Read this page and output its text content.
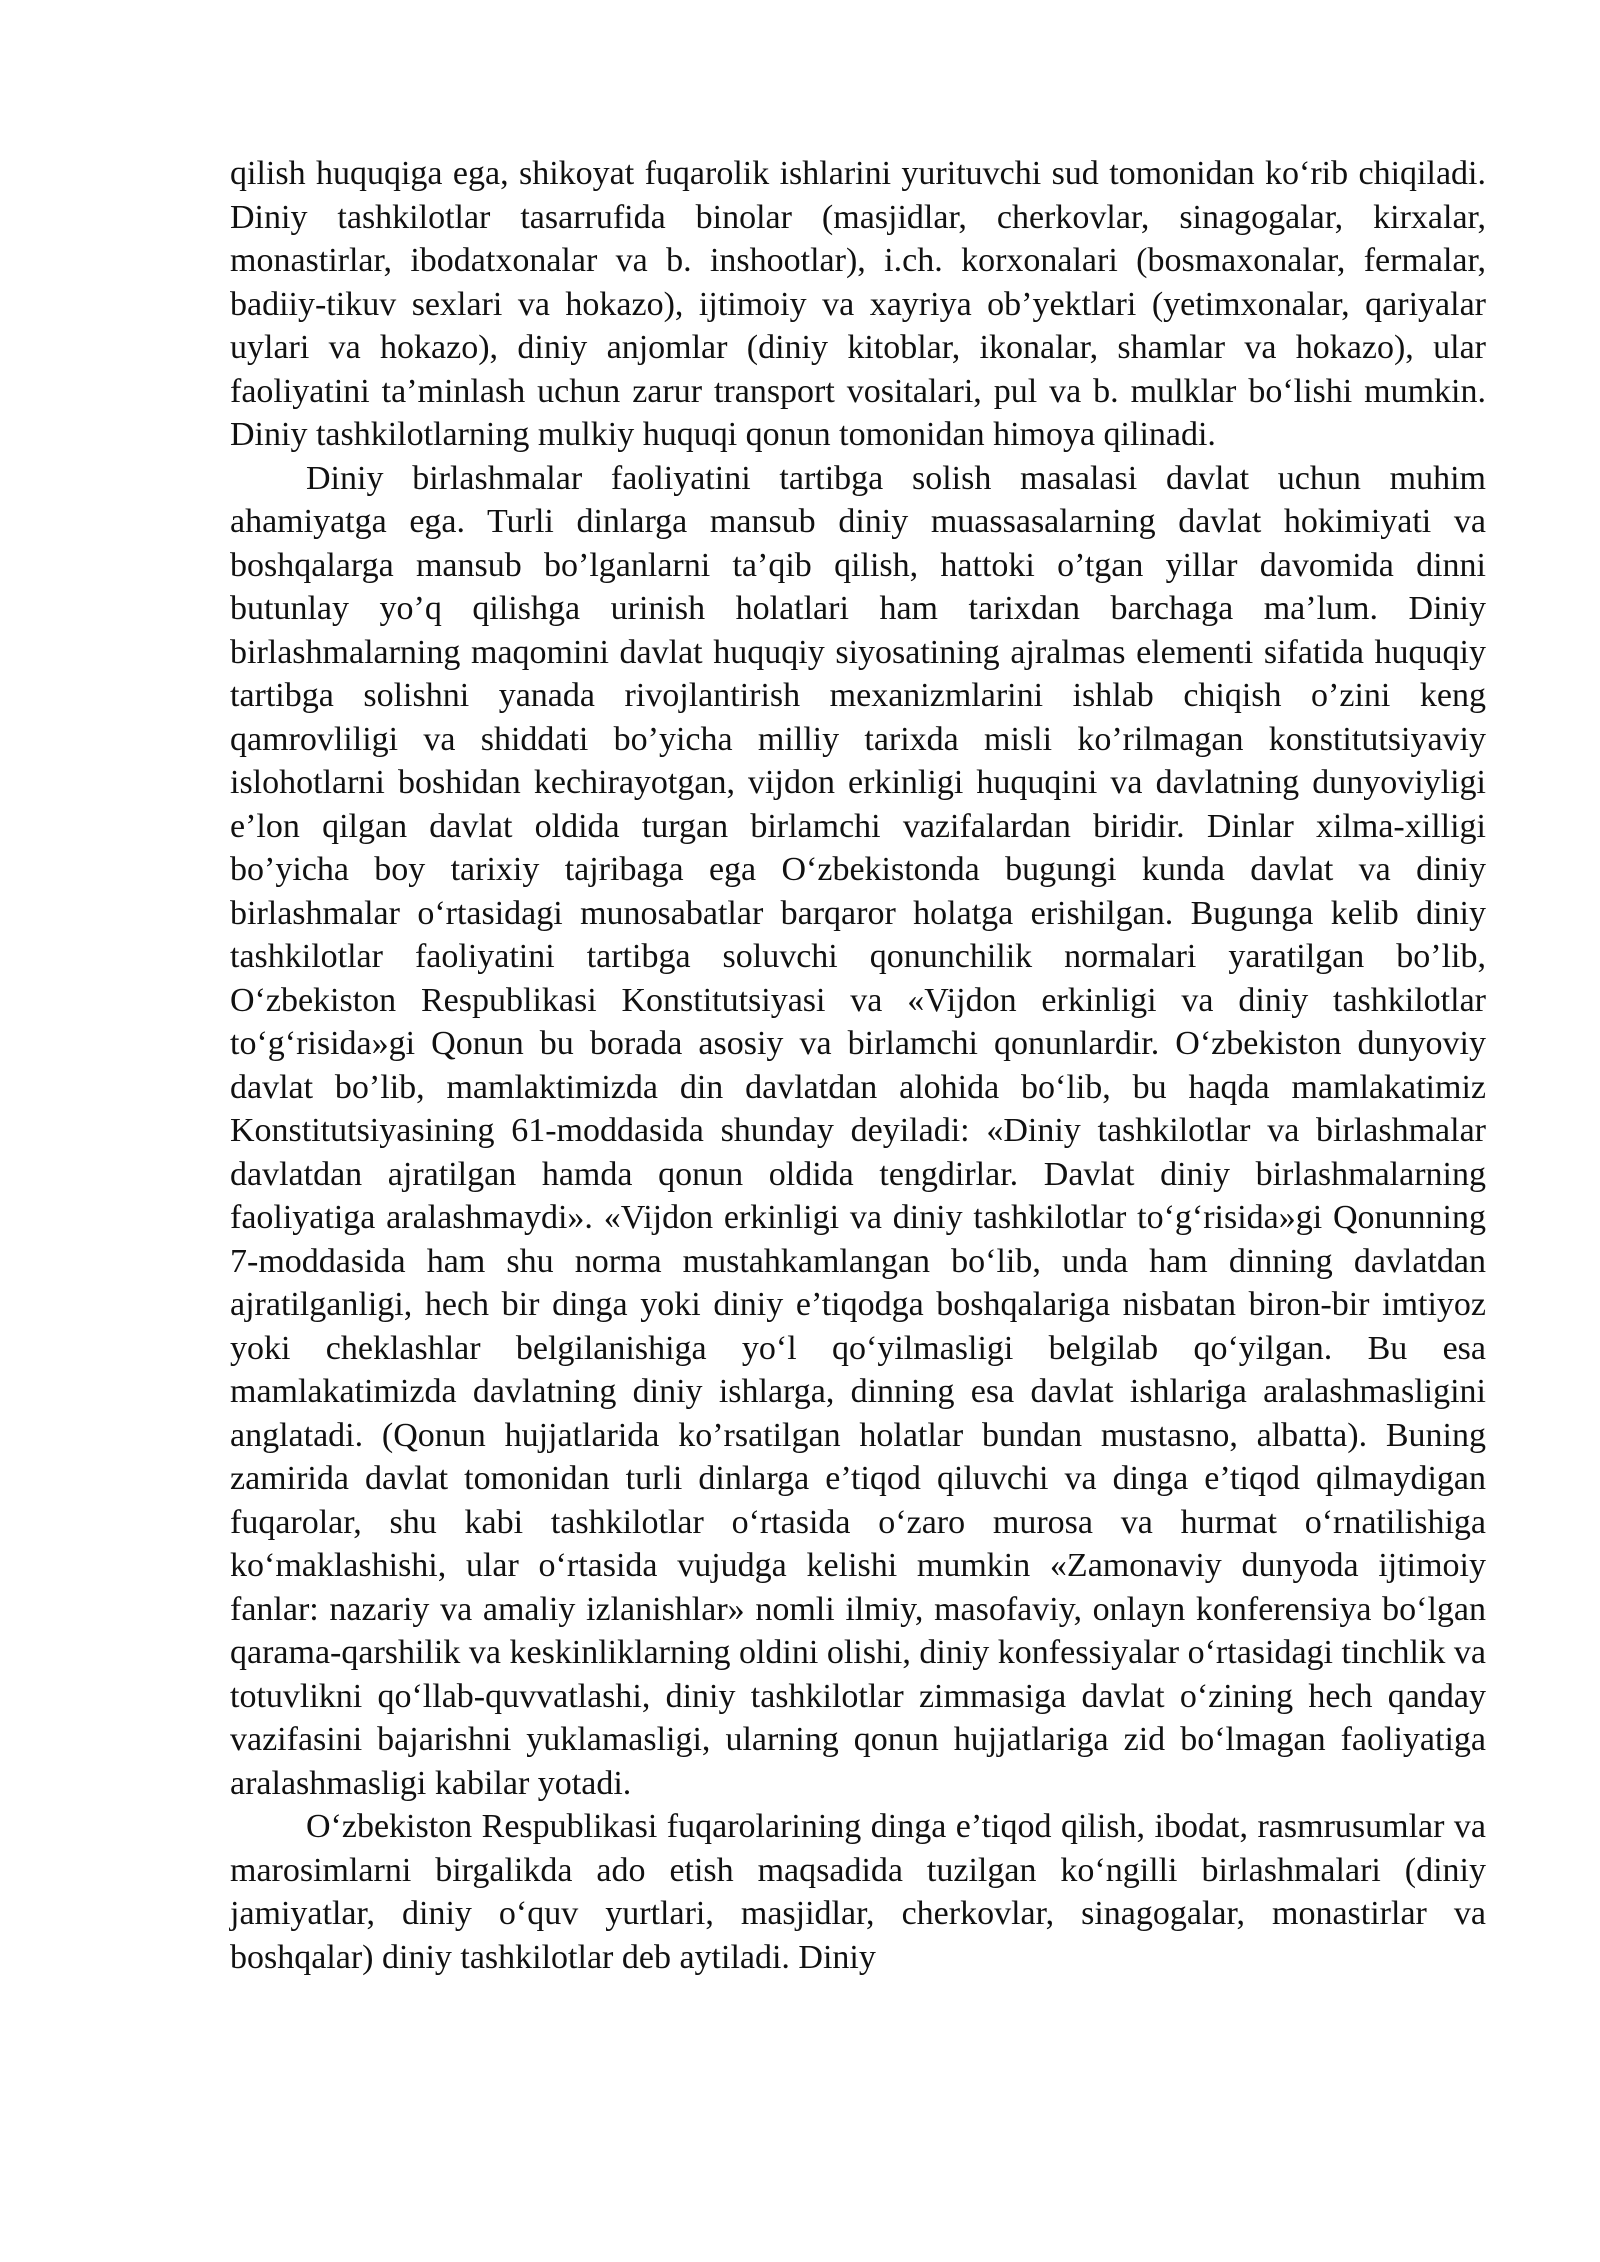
qilish huquqiga ega, shikoyat fuqarolik ishlarini yurituvchi sud tomonidan ko‘rib chiqiladi. Diniy tashkilotlar tasarrufida binolar (masjidlar, cherkovlar, sinagogalar, kirxalar, monastirlar, ibodatxonalar va b. inshootlar), i.ch. korxonalari (bosmaxonalar, fermalar, badiiy-tikuv sexlari va hokazo), ijtimoiy va xayriya ob’yektlari (yetimxonalar, qariyalar uylari va hokazo), diniy anjomlar (diniy kitoblar, ikonalar, shamlar va hokazo), ular faoliyatini ta’minlash uchun zarur transport vositalari, pul va b. mulklar bo‘lishi mumkin. Diniy tashkilotlarning mulkiy huquqi qonun tomonidan himoya qilinadi.

Diniy birlashmalar faoliyatini tartibga solish masalasi davlat uchun muhim ahamiyatga ega. Turli dinlarga mansub diniy muassasalarning davlat hokimiyati va boshqalarga mansub bo’lganlarni ta’qib qilish, hattoki o’tgan yillar davomida dinni butunlay yo’q qilishga urinish holatlari ham tarixdan barchaga ma’lum. Diniy birlashmalarning maqomini davlat huquqiy siyosatining ajralmas elementi sifatida huquqiy tartibga solishni yanada rivojlantirish mexanizmlarini ishlab chiqish o’zini keng qamrovliligi va shiddati bo’yicha milliy tarixda misli ko’rilmagan konstitutsiyaviy islohotlarni boshidan kechirayotgan, vijdon erkinligi huquqini va davlatning dunyoviyligi e’lon qilgan davlat oldida turgan birlamchi vazifalardan biridir. Dinlar xilma-xilligi bo’yicha boy tarixiy tajribaga ega O‘zbekistonda bugungi kunda davlat va diniy birlashmalar o‘rtasidagi munosabatlar barqaror holatga erishilgan. Bugunga kelib diniy tashkilotlar faoliyatini tartibga soluvchi qonunchilik normalari yaratilgan bo’lib, O‘zbekiston Respublikasi Konstitutsiyasi va «Vijdon erkinligi va diniy tashkilotlar to‘g‘risida»gi Qonun bu borada asosiy va birlamchi qonunlardir. O‘zbekiston dunyoviy davlat bo’lib, mamlaktimizda din davlatdan alohida bo‘lib, bu haqda mamlakatimiz Konstitutsiyasining 61-moddasida shunday deyiladi: «Diniy tashkilotlar va birlashmalar davlatdan ajratilgan hamda qonun oldida tengdirlar. Davlat diniy birlashmalarning faoliyatiga aralashmaydi». «Vijdon erkinligi va diniy tashkilotlar to‘g‘risida»gi Qonunning 7-moddasida ham shu norma mustahkamlangan bo‘lib, unda ham dinning davlatdan ajratilganligi, hech bir dinga yoki diniy e’tiqodga boshqalariga nisbatan biron-bir imtiyoz yoki cheklashlar belgilanishiga yo‘l qo‘yilmasligi belgilab qo‘yilgan. Bu esa mamlakatimizda davlatning diniy ishlarga, dinning esa davlat ishlariga aralashmasligini anglatadi. (Qonun hujjatlarida ko’rsatilgan holatlar bundan mustasno, albatta). Buning zamirida davlat tomonidan turli dinlarga e’tiqod qiluvchi va dinga e’tiqod qilmaydigan fuqarolar, shu kabi tashkilotlar o‘rtasida o‘zaro murosa va hurmat o‘rnatilishiga ko‘maklashishi, ular o‘rtasida vujudga kelishi mumkin «Zamonaviy dunyoda ijtimoiy fanlar: nazariy va amaliy izlanishlar» nomli ilmiy, masofaviy, onlayn konferensiya bo‘lgan qarama-qarshilik va keskinliklarning oldini olishi, diniy konfessiyalar o‘rtasidagi tinchlik va totuvlikni qo‘llab-quvvatlashi, diniy tashkilotlar zimmasiga davlat o‘zining hech qanday vazifasini bajarishni yuklamasligi, ularning qonun hujjatlariga zid bo‘lmagan faoliyatiga aralashmasligi kabilar yotadi.

O‘zbekiston Respublikasi fuqarolarining dinga e’tiqod qilish, ibodat, rasmrusumlar va marosimlarni birgalikda ado etish maqsadida tuzilgan ko‘ngilli birlashmalari (diniy jamiyatlar, diniy o‘quv yurtlari, masjidlar, cherkovlar, sinagogalar, monastirlar va boshqalar) diniy tashkilotlar deb aytiladi. Diniy
